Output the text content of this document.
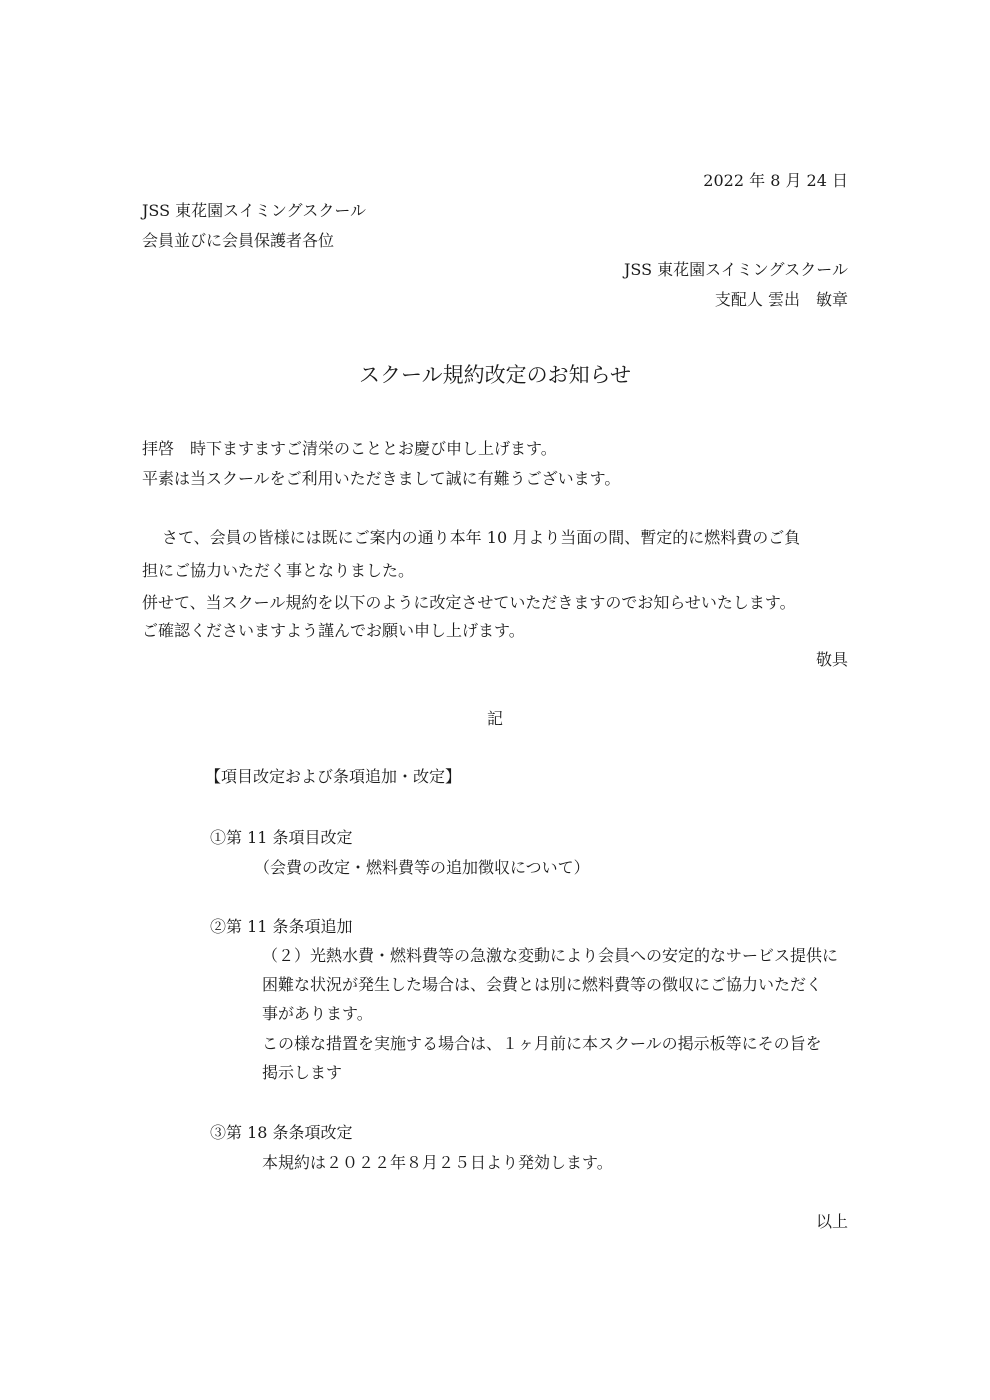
2022 年 8 月 24 日
JSS 東花園スイミングスクール
会員並びに会員保護者各位
JSS 東花園スイミングスクール
支配人 雲出　敏章
スクール規約改定のお知らせ
拝啓　時下ますますご清栄のこととお慶び申し上げます。
平素は当スクールをご利用いただきまして誠に有難うございます。
さて、会員の皆様には既にご案内の通り本年 10 月より当面の間、暫定的に燃料費のご負
担にご協力いただく事となりました。
併せて、当スクール規約を以下のように改定させていただきますのでお知らせいたします。
ご確認くださいますよう謹んでお願い申し上げます。
敬具
記
【項目改定および条項追加・改定】
①第 11 条項目改定
（会費の改定・燃料費等の追加徴収について）
②第 11 条条項追加
（２）光熱水費・燃料費等の急激な変動により会員への安定的なサービス提供に
困難な状況が発生した場合は、会費とは別に燃料費等の徴収にご協力いただく
事があります。
この様な措置を実施する場合は、１ヶ月前に本スクールの掲示板等にその旨を
掲示します
③第 18 条条項改定
本規約は２０２２年８月２５日より発効します。
以上
